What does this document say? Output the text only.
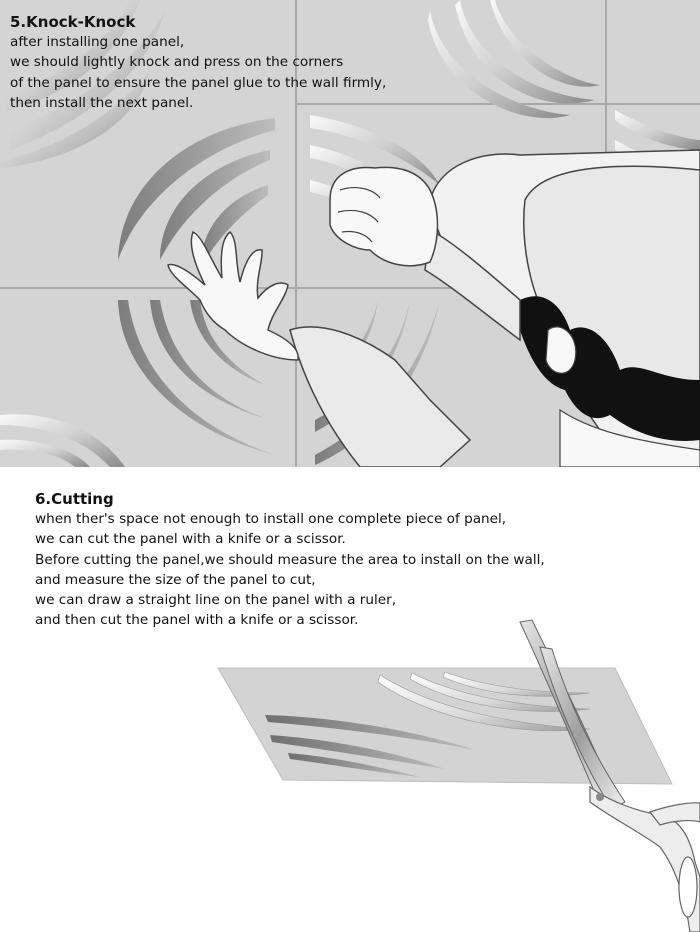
5.Knock-Knock

after installing one panel,

we should lightly knock and press on the corners

of the panel to ensure the panel glue to the wall firmly,

then install the next panel.

6.Cutting

when ther's space not enough to install one complete piece of panel,

we can cut the panel with a knife or a scissor.

Before cutting the panel,we should measure the area to install on the wall,

and measure the size of the panel to cut,

we can draw a straight line on the panel with a ruler,

and then cut the panel with a knife or a scissor.
